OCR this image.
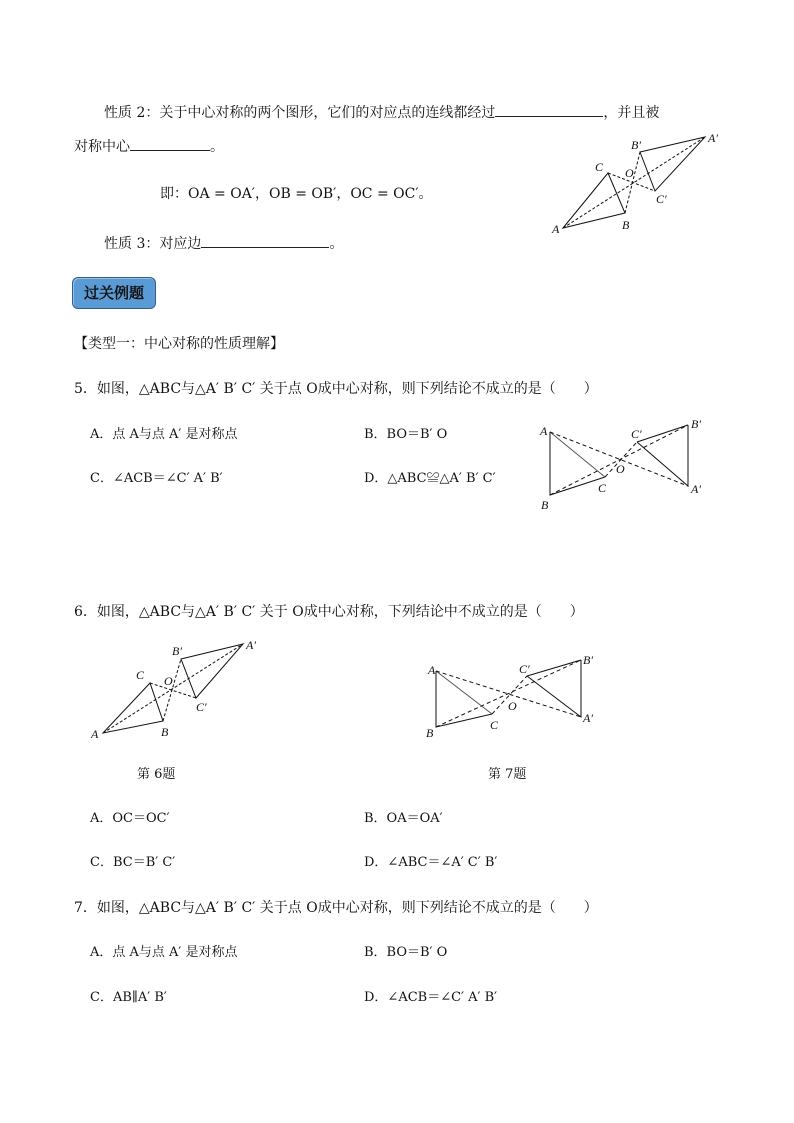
性质 2：关于中心对称的两个图形，它们的对应点的连线都经过	，并且被
对称中心	。
即：OA = OA′，OB = OB′，OC = OC′。
A	B
C O
A′
B′
C′
性质 3：对应边	。
过关例题
【类型一：中心对称的性质理解】
5．如图，△ABC与△A′ B′ C′ 关于点 O成中心对称，则下列结论不成立的是（　　）
A．点 A与点 A′ 是对称点	B．BO＝B′ O
C．∠ACB＝∠C′ A′ B′	D．△ABC≌△A′ B′ C′
A
B
C
O
A′
B′
C′
6．如图，△ABC与△A′ B′ C′ 关于 O成中心对称，下列结论中不成立的是（　　）
A	B
C O
A′
B′
C′
A
B
C
O
A′
B′
C′
第 6题	第 7题
A．OC＝OC′	B．OA＝OA′
C．BC＝B′ C′	D．∠ABC＝∠A′ C′ B′
7．如图，△ABC与△A′ B′ C′ 关于点 O成中心对称，则下列结论不成立的是（　　）
A．点 A与点 A′ 是对称点	B．BO＝B′ O
C．AB∥A′ B′	D．∠ACB＝∠C′ A′ B′
